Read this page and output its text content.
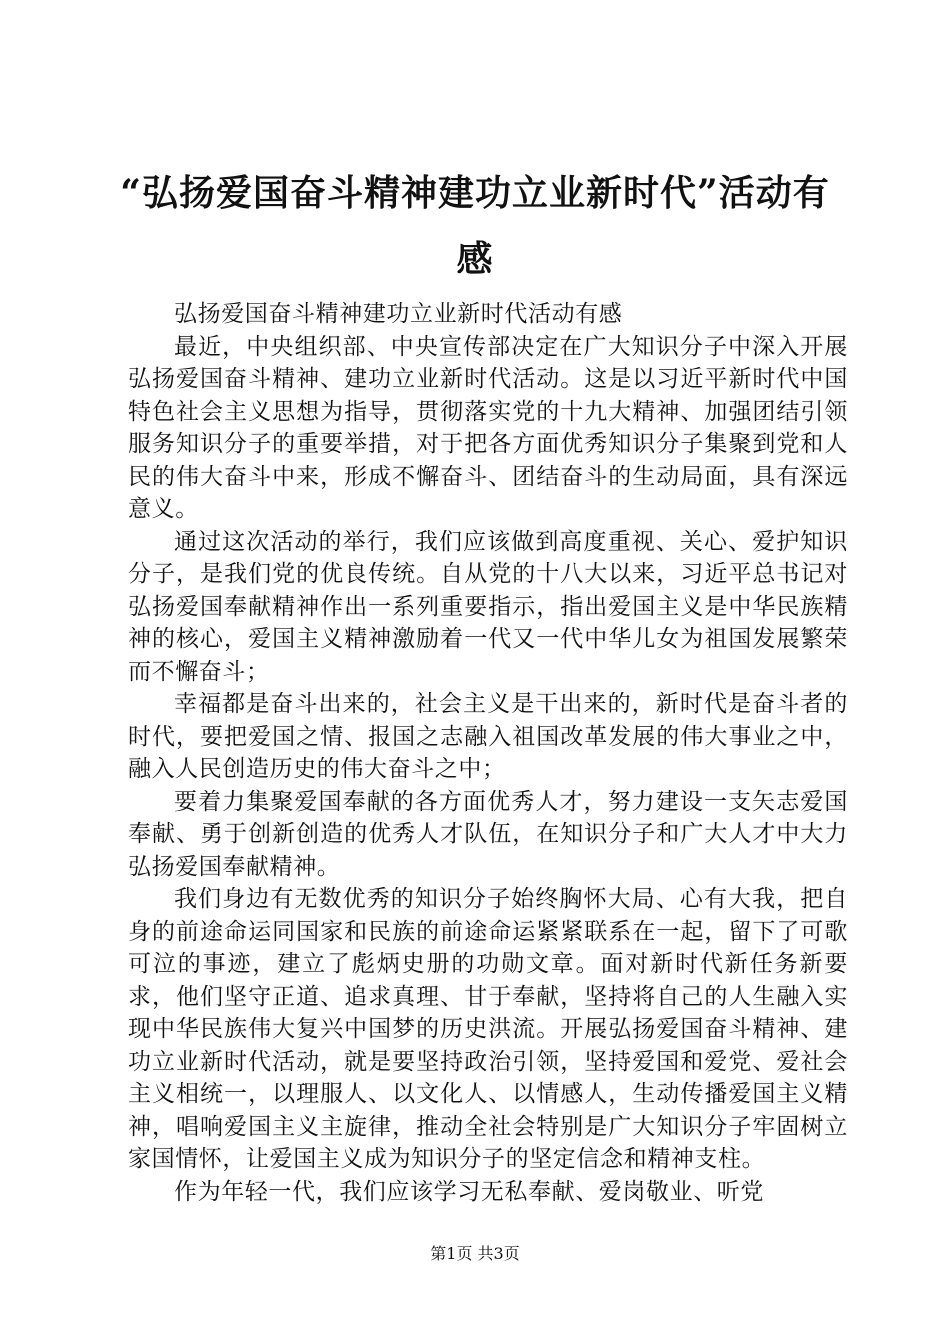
“弘扬爱国奋斗精神建功立业新时代”活动有感

弘扬爱国奋斗精神建功立业新时代活动有感

最近，中央组织部、中央宣传部决定在广大知识分子中深入开展弘扬爱国奋斗精神、建功立业新时代活动。这是以习近平新时代中国特色社会主义思想为指导，贯彻落实党的十九大精神、加强团结引领服务知识分子的重要举措，对于把各方面优秀知识分子集聚到党和人民的伟大奋斗中来，形成不懈奋斗、团结奋斗的生动局面，具有深远意义。

通过这次活动的举行，我们应该做到高度重视、关心、爱护知识分子，是我们党的优良传统。自从党的十八大以来，习近平总书记对弘扬爱国奉献精神作出一系列重要指示，指出爱国主义是中华民族精神的核心，爱国主义精神激励着一代又一代中华儿女为祖国发展繁荣而不懈奋斗；

幸福都是奋斗出来的，社会主义是干出来的，新时代是奋斗者的时代，要把爱国之情、报国之志融入祖国改革发展的伟大事业之中，融入人民创造历史的伟大奋斗之中；

要着力集聚爱国奉献的各方面优秀人才，努力建设一支矢志爱国奉献、勇于创新创造的优秀人才队伍，在知识分子和广大人才中大力弘扬爱国奉献精神。

我们身边有无数优秀的知识分子始终胸怀大局、心有大我，把自身的前途命运同国家和民族的前途命运紧紧联系在一起，留下了可歌可泣的事迹，建立了彪炳史册的功勋文章。面对新时代新任务新要求，他们坚守正道、追求真理、甘于奉献，坚持将自己的人生融入实现中华民族伟大复兴中国梦的历史洪流。开展弘扬爱国奋斗精神、建功立业新时代活动，就是要坚持政治引领，坚持爱国和爱党、爱社会主义相统一，以理服人、以文化人、以情感人，生动传播爱国主义精神，唱响爱国主义主旋律，推动全社会特别是广大知识分子牢固树立家国情怀，让爱国主义成为知识分子的坚定信念和精神支柱。

作为年轻一代，我们应该学习无私奉献、爱岗敬业、听党

第1页 共3页
